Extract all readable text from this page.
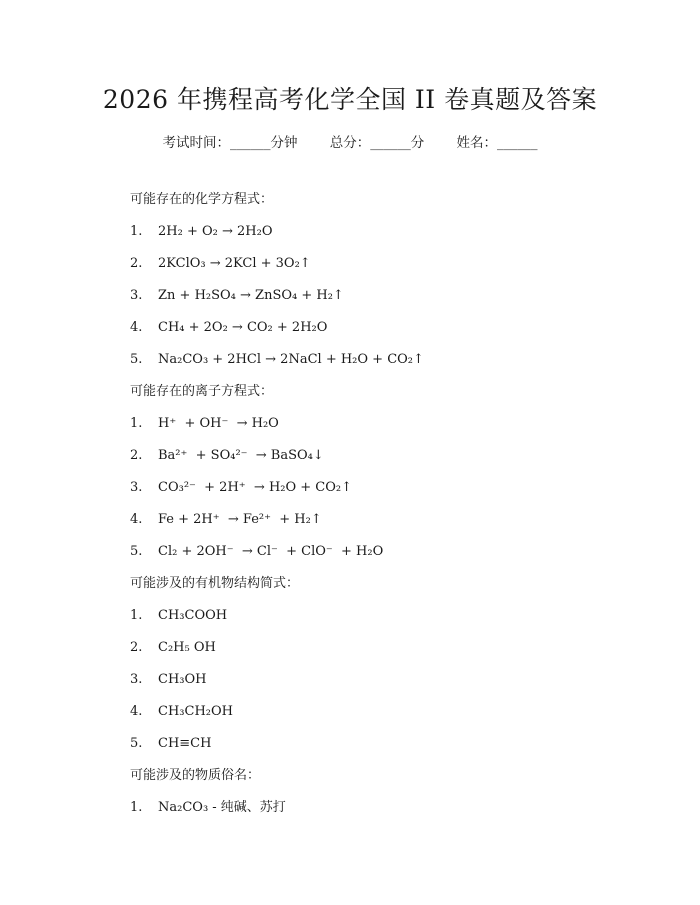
2026 年携程高考化学全国 II 卷真题及答案
考试时间：______分钟 总分：______分 姓名：______
可能存在的化学方程式：
1. 2H₂ + O₂ → 2H₂O
2. 2KClO₃ → 2KCl + 3O₂↑
3. Zn + H₂SO₄ → ZnSO₄ + H₂↑
4. CH₄ + 2O₂ → CO₂ + 2H₂O
5. Na₂CO₃ + 2HCl → 2NaCl + H₂O + CO₂↑
可能存在的离子方程式：
1. H⁺  + OH⁻  → H₂O
2. Ba²⁺  + SO₄²⁻  → BaSO₄↓
3. CO₃²⁻  + 2H⁺  → H₂O + CO₂↑
4. Fe + 2H⁺  → Fe²⁺  + H₂↑
5. Cl₂ + 2OH⁻  → Cl⁻  + ClO⁻  + H₂O
可能涉及的有机物结构简式：
1. CH₃COOH
2. C₂H₅ OH
3. CH₃OH
4. CH₃CH₂OH
5. CH≡CH
可能涉及的物质俗名：
1. Na₂CO₃ - 纯碱、苏打
